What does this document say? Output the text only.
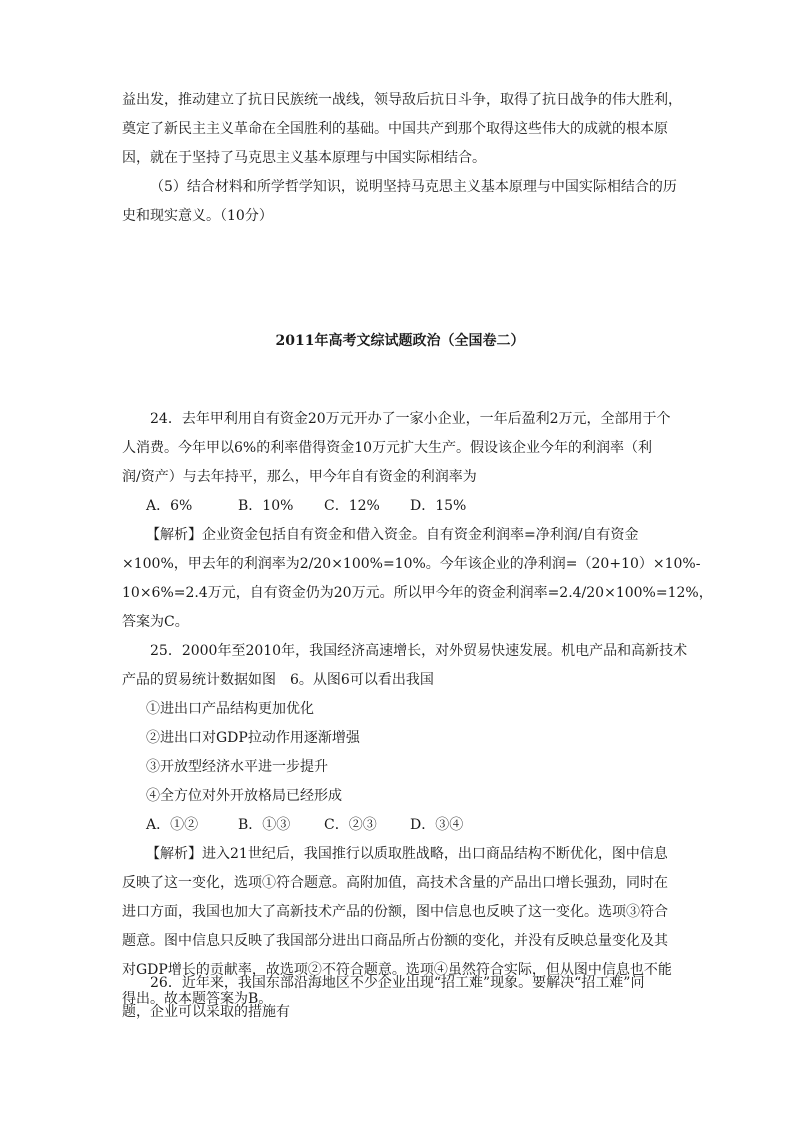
益出发，推动建立了抗日民族统一战线，领导敌后抗日斗争，取得了抗日战争的伟大胜利，
奠定了新民主主义革命在全国胜利的基础。中国共产到那个取得这些伟大的成就的根本原
因，就在于坚持了马克思主义基本原理与中国实际相结合。
（5）结合材料和所学哲学知识，说明坚持马克思主义基本原理与中国实际相结合的历
史和现实意义。（10分）
2011年高考文综试题政治（全国卷二）
24．去年甲利用自有资金20万元开办了一家小企业，一年后盈利2万元，全部用于个
人消费。今年甲以6%的利率借得资金10万元扩大生产。假设该企业今年的利润率（利
润/资产）与去年持平，那么，甲今年自有资金的利润率为
A．6%	B．10% C．12% D．15%
【解析】企业资金包括自有资金和借入资金。自有资金利润率=净利润/自有资金
×100%，甲去年的利润率为2/20×100%=10%。今年该企业的净利润=（20+10）×10%-
10×6%=2.4万元，自有资金仍为20万元。所以甲今年的资金利润率=2.4/20×100%=12%，
答案为C。
25．2000年至2010年，我国经济高速增长，对外贸易快速发展。机电产品和高新技术
产品的贸易统计数据如图　6。从图6可以看出我国
①进出口产品结构更加优化
②进出口对GDP拉动作用逐渐增强
③开放型经济水平进一步提升
④全方位对外开放格局已经形成
A．①②	B．①③ C．②③ D．③④
【解析】进入21世纪后，我国推行以质取胜战略，出口商品结构不断优化，图中信息
反映了这一变化，选项①符合题意。高附加值，高技术含量的产品出口增长强劲，同时在
进口方面，我国也加大了高新技术产品的份额，图中信息也反映了这一变化。选项③符合
题意。图中信息只反映了我国部分进出口商品所占份额的变化，并没有反映总量变化及其
对GDP增长的贡献率，故选项②不符合题意。选项④虽然符合实际，但从图中信息也不能
得出。故本题答案为B。
26．近年来，我国东部沿海地区不少企业出现“招工难”现象。要解决“招工难”问
题，企业可以采取的措施有
